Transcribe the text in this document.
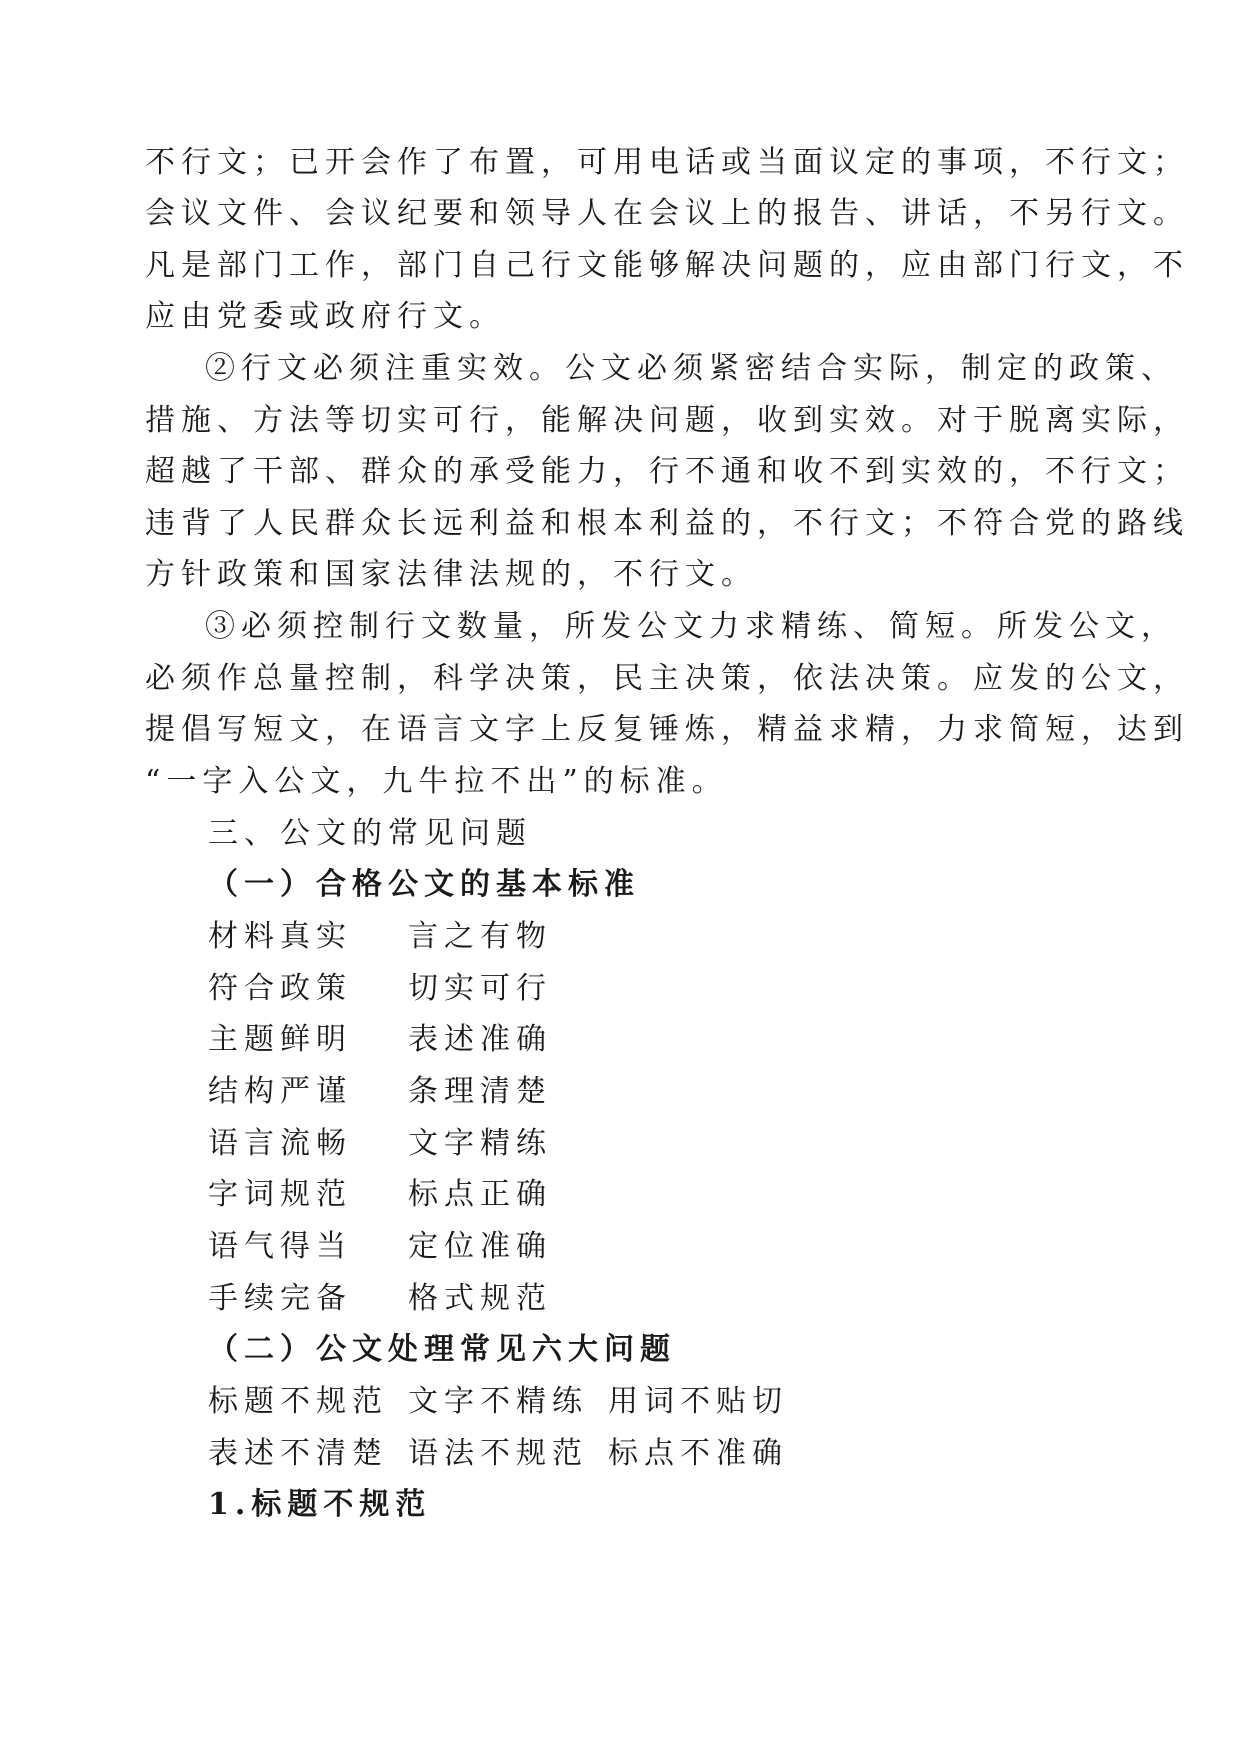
不行文；已开会作了布置，可用电话或当面议定的事项，不行文；
会议文件、会议纪要和领导人在会议上的报告、讲话，不另行文。
凡是部门工作，部门自己行文能够解决问题的，应由部门行文，不
应由党委或政府行文。
②行文必须注重实效。公文必须紧密结合实际，制定的政策、
措施、方法等切实可行，能解决问题，收到实效。对于脱离实际，
超越了干部、群众的承受能力，行不通和收不到实效的，不行文；
违背了人民群众长远利益和根本利益的，不行文；不符合党的路线
方针政策和国家法律法规的，不行文。
③必须控制行文数量，所发公文力求精练、简短。所发公文，
必须作总量控制，科学决策，民主决策，依法决策。应发的公文，
提倡写短文，在语言文字上反复锤炼，精益求精，力求简短，达到
“一字入公文，九牛拉不出”的标准。
三、公文的常见问题
（一）合格公文的基本标准
材料真实 言之有物
符合政策 切实可行
主题鲜明 表述准确
结构严谨 条理清楚
语言流畅 文字精练
字词规范 标点正确
语气得当 定位准确
手续完备 格式规范
（二）公文处理常见六大问题
标题不规范 文字不精练 用词不贴切
表述不清楚 语法不规范 标点不准确
1.标题不规范
